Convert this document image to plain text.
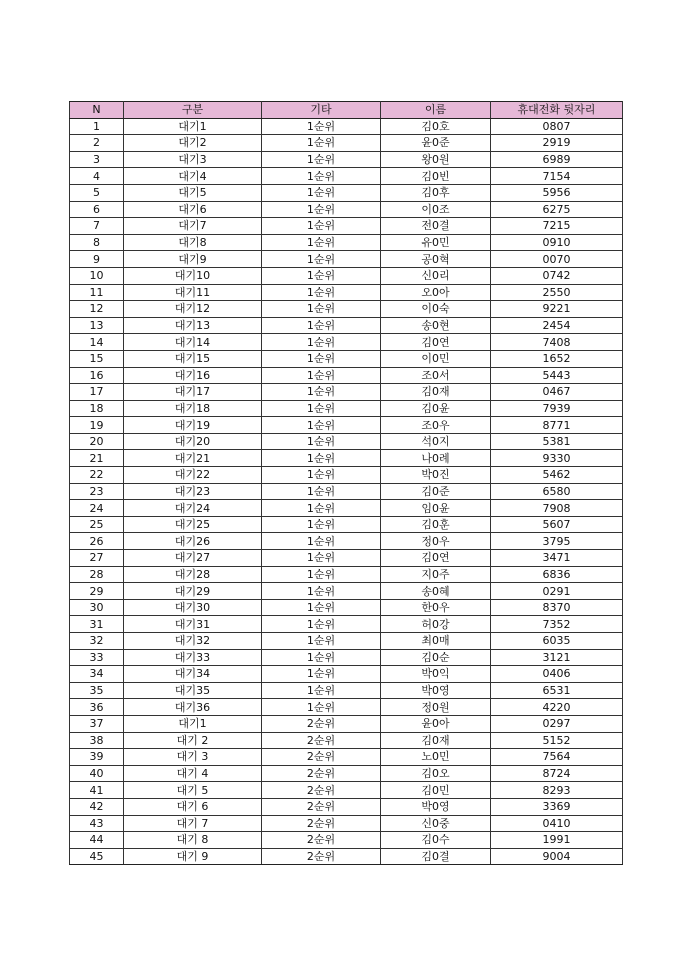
N	구분	기타	이름	휴대전화 뒷자리
1	대기1	1순위	김0호	0807
2	대기2	1순위	윤0준	2919
3	대기3	1순위	왕0원	6989
4	대기4	1순위	김0빈	7154
5	대기5	1순위	김0후	5956
6	대기6	1순위	이0조	6275
7	대기7	1순위	전0결	7215
8	대기8	1순위	유0민	0910
9	대기9	1순위	공0혁	0070
10	대기10	1순위	신0리	0742
11	대기11	1순위	오0아	2550
12	대기12	1순위	이0숙	9221
13	대기13	1순위	송0현	2454
14	대기14	1순위	김0연	7408
15	대기15	1순위	이0민	1652
16	대기16	1순위	조0서	5443
17	대기17	1순위	김0재	0467
18	대기18	1순위	김0윤	7939
19	대기19	1순위	조0우	8771
20	대기20	1순위	석0지	5381
21	대기21	1순위	나0례	9330
22	대기22	1순위	박0진	5462
23	대기23	1순위	김0준	6580
24	대기24	1순위	임0윤	7908
25	대기25	1순위	김0훈	5607
26	대기26	1순위	정0우	3795
27	대기27	1순위	김0연	3471
28	대기28	1순위	지0주	6836
29	대기29	1순위	송0혜	0291
30	대기30	1순위	한0우	8370
31	대기31	1순위	허0강	7352
32	대기32	1순위	최0매	6035
33	대기33	1순위	김0순	3121
34	대기34	1순위	박0익	0406
35	대기35	1순위	박0영	6531
36	대기36	1순위	정0원	4220
37	대기1	2순위	윤0아	0297
38	대기 2	2순위	김0재	5152
39	대기 3	2순위	노0민	7564
40	대기 4	2순위	김0오	8724
41	대기 5	2순위	김0민	8293
42	대기 6	2순위	박0영	3369
43	대기 7	2순위	신0중	0410
44	대기 8	2순위	김0수	1991
45	대기 9	2순위	김0결	9004
